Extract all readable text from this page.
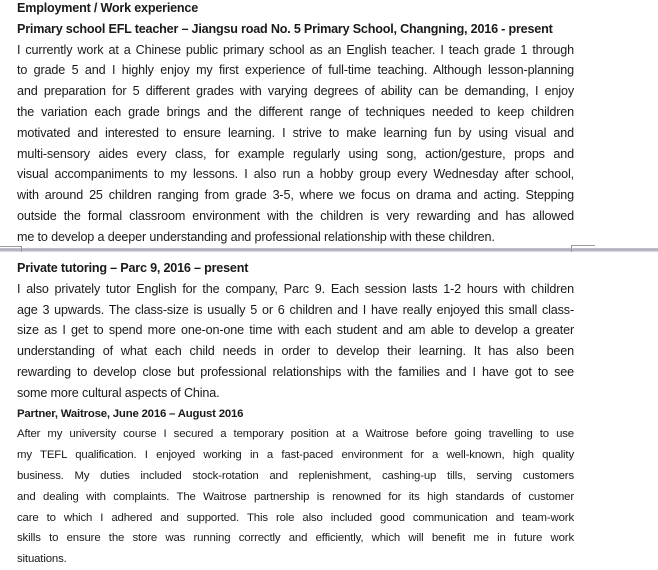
Employment / Work experience
Primary school EFL teacher – Jiangsu road No. 5 Primary School, Changning, 2016 - present
I currently work at a Chinese public primary school as an English teacher. I teach grade 1 through
to grade 5 and I highly enjoy my first experience of full-time teaching. Although lesson-planning
and preparation for 5 different grades with varying degrees of ability can be demanding, I enjoy
the variation each grade brings and the different range of techniques needed to keep children
motivated and interested to ensure learning. I strive to make learning fun by using visual and
multi-sensory aides every class, for example regularly using song, action/gesture, props and
visual accompaniments to my lessons. I also run a hobby group every Wednesday after school,
with around 25 children ranging from grade 3-5, where we focus on drama and acting. Stepping
outside the formal classroom environment with the children is very rewarding and has allowed
me to develop a deeper understanding and professional relationship with these children.
Private tutoring – Parc 9, 2016 – present
I also privately tutor English for the company, Parc 9. Each session lasts 1-2 hours with children
age 3 upwards. The class-size is usually 5 or 6 children and I have really enjoyed this small class-
size as I get to spend more one-on-one time with each student and am able to develop a greater
understanding of what each child needs in order to develop their learning. It has also been
rewarding to develop close but professional relationships with the families and I have got to see
some more cultural aspects of China.
Partner, Waitrose, June 2016 – August 2016
After my university course I secured a temporary position at a Waitrose before going travelling to use
my TEFL qualification. I enjoyed working in a fast-paced environment for a well-known, high quality
business. My duties included stock-rotation and replenishment, cashing-up tills, serving customers
and dealing with complaints. The Waitrose partnership is renowned for its high standards of customer
care to which I adhered and supported. This role also included good communication and team-work
skills to ensure the store was running correctly and efficiently, which will benefit me in future work
situations.
